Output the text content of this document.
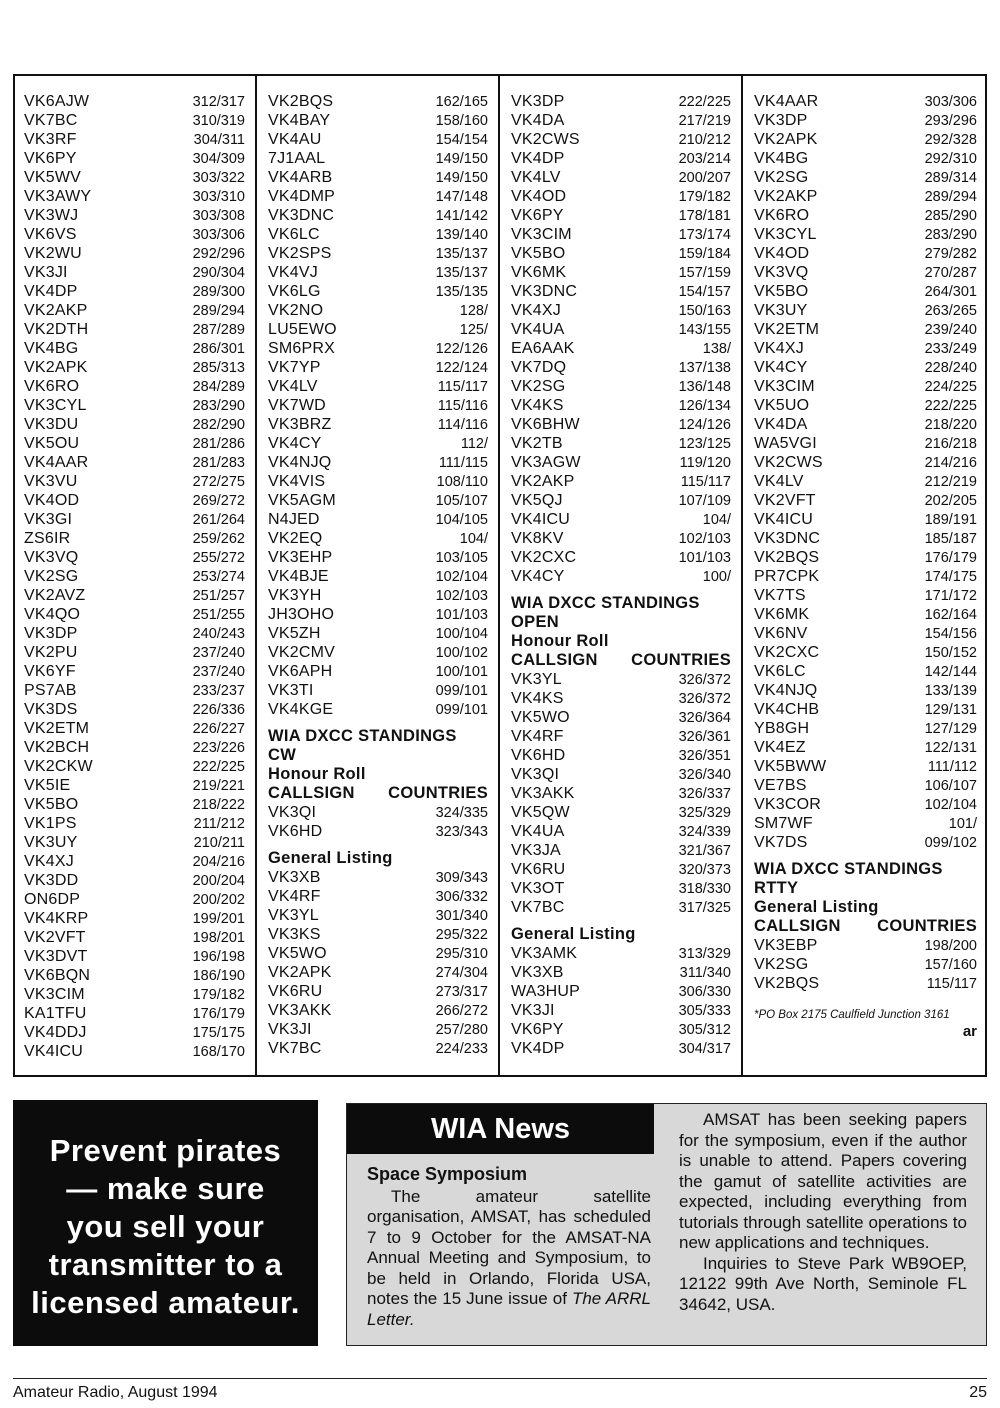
VK6AJW	312/317
VK7BC	310/319
VK3RF	304/311
VK6PY	304/309
VK5WV	303/322
VK3AWY	303/310
VK3WJ	303/308
VK6VS	303/306
VK2WU	292/296
VK3JI	290/304
VK4DP	289/300
VK2AKP	289/294
VK2DTH	287/289
VK4BG	286/301
VK2APK	285/313
VK6RO	284/289
VK3CYL	283/290
VK3DU	282/290
VK5OU	281/286
VK4AAR	281/283
VK3VU	272/275
VK4OD	269/272
VK3GI	261/264
ZS6IR	259/262
VK3VQ	255/272
VK2SG	253/274
VK2AVZ	251/257
VK4QO	251/255
VK3DP	240/243
VK2PU	237/240
VK6YF	237/240
PS7AB	233/237
VK3DS	226/336
VK2ETM	226/227
VK2BCH	223/226
VK2CKW	222/225
VK5IE	219/221
VK5BO	218/222
VK1PS	211/212
VK3UY	210/211
VK4XJ	204/216
VK3DD	200/204
ON6DP	200/202
VK4KRP	199/201
VK2VFT	198/201
VK3DVT	196/198
VK6BQN	186/190
VK3CIM	179/182
KA1TFU	176/179
VK4DDJ	175/175
VK4ICU	168/170
VK2BQS	162/165
VK4BAY	158/160
VK4AU	154/154
7J1AAL	149/150
VK4ARB	149/150
VK4DMP	147/148
VK3DNC	141/142
VK6LC	139/140
VK2SPS	135/137
VK4VJ	135/137
VK6LG	135/135
VK2NO	128/
LU5EWO	125/
SM6PRX	122/126
VK7YP	122/124
VK4LV	115/117
VK7WD	115/116
VK3BRZ	114/116
VK4CY	112/
VK4NJQ	111/115
VK4VIS	108/110
VK5AGM	105/107
N4JED	104/105
VK2EQ	104/
VK3EHP	103/105
VK4BJE	102/104
VK3YH	102/103
JH3OHO	101/103
VK5ZH	100/104
VK2CMV	100/102
VK6APH	100/101
VK3TI	099/101
VK4KGE	099/101
WIA DXCC STANDINGS
CW
Honour Roll
CALLSIGN COUNTRIES
VK3QI	324/335
VK6HD	323/343
General Listing
VK3XB	309/343
VK4RF	306/332
VK3YL	301/340
VK3KS	295/322
VK5WO	295/310
VK2APK	274/304
VK6RU	273/317
VK3AKK	266/272
VK3JI	257/280
VK7BC	224/233
VK3DP	222/225
VK4DA	217/219
VK2CWS	210/212
VK4DP	203/214
VK4LV	200/207
VK4OD	179/182
VK6PY	178/181
VK3CIM	173/174
VK5BO	159/184
VK6MK	157/159
VK3DNC	154/157
VK4XJ	150/163
VK4UA	143/155
EA6AAK	138/
VK7DQ	137/138
VK2SG	136/148
VK4KS	126/134
VK6BHW	124/126
VK2TB	123/125
VK3AGW	119/120
VK2AKP	115/117
VK5QJ	107/109
VK4ICU	104/
VK8KV	102/103
VK2CXC	101/103
VK4CY	100/
WIA DXCC STANDINGS
OPEN
Honour Roll
CALLSIGN COUNTRIES
VK3YL	326/372
VK4KS	326/372
VK5WO	326/364
VK4RF	326/361
VK6HD	326/351
VK3QI	326/340
VK3AKK	326/337
VK5QW	325/329
VK4UA	324/339
VK3JA	321/367
VK6RU	320/373
VK3OT	318/330
VK7BC	317/325
General Listing
VK3AMK	313/329
VK3XB	311/340
WA3HUP	306/330
VK3JI	305/333
VK6PY	305/312
VK4DP	304/317
VK4AAR	303/306
VK3DP	293/296
VK2APK	292/328
VK4BG	292/310
VK2SG	289/314
VK2AKP	289/294
VK6RO	285/290
VK3CYL	283/290
VK4OD	279/282
VK3VQ	270/287
VK5BO	264/301
VK3UY	263/265
VK2ETM	239/240
VK4XJ	233/249
VK4CY	228/240
VK3CIM	224/225
VK5UO	222/225
VK4DA	218/220
WA5VGI	216/218
VK2CWS	214/216
VK4LV	212/219
VK2VFT	202/205
VK4ICU	189/191
VK3DNC	185/187
VK2BQS	176/179
PR7CPK	174/175
VK7TS	171/172
VK6MK	162/164
VK6NV	154/156
VK2CXC	150/152
VK6LC	142/144
VK4NJQ	133/139
VK4CHB	129/131
YB8GH	127/129
VK4EZ	122/131
VK5BWW	111/112
VE7BS	106/107
VK3COR	102/104
SM7WF	101/
VK7DS	099/102
WIA DXCC STANDINGS
RTTY
General Listing
CALLSIGN COUNTRIES
VK3EBP	198/200
VK2SG	157/160
VK2BQS	115/117
*PO Box 2175 Caulfield Junction 3161
ar
Prevent pirates
— make sure
you sell your
transmitter to a
licensed amateur.
WIA News
Space Symposium

The amateur satellite organisation, AMSAT, has scheduled 7 to 9 October for the AMSAT-NA Annual Meeting and Symposium, to be held in Orlando, Florida USA, notes the 15 June issue of The ARRL Letter.

AMSAT has been seeking papers for the symposium, even if the author is unable to attend. Papers covering the gamut of satellite activities are expected, including everything from tutorials through satellite operations to new applications and techniques.

Inquiries to Steve Park WB9OEP, 12122 99th Ave North, Seminole FL 34642, USA.

Amateur Radio, August 1994	25
